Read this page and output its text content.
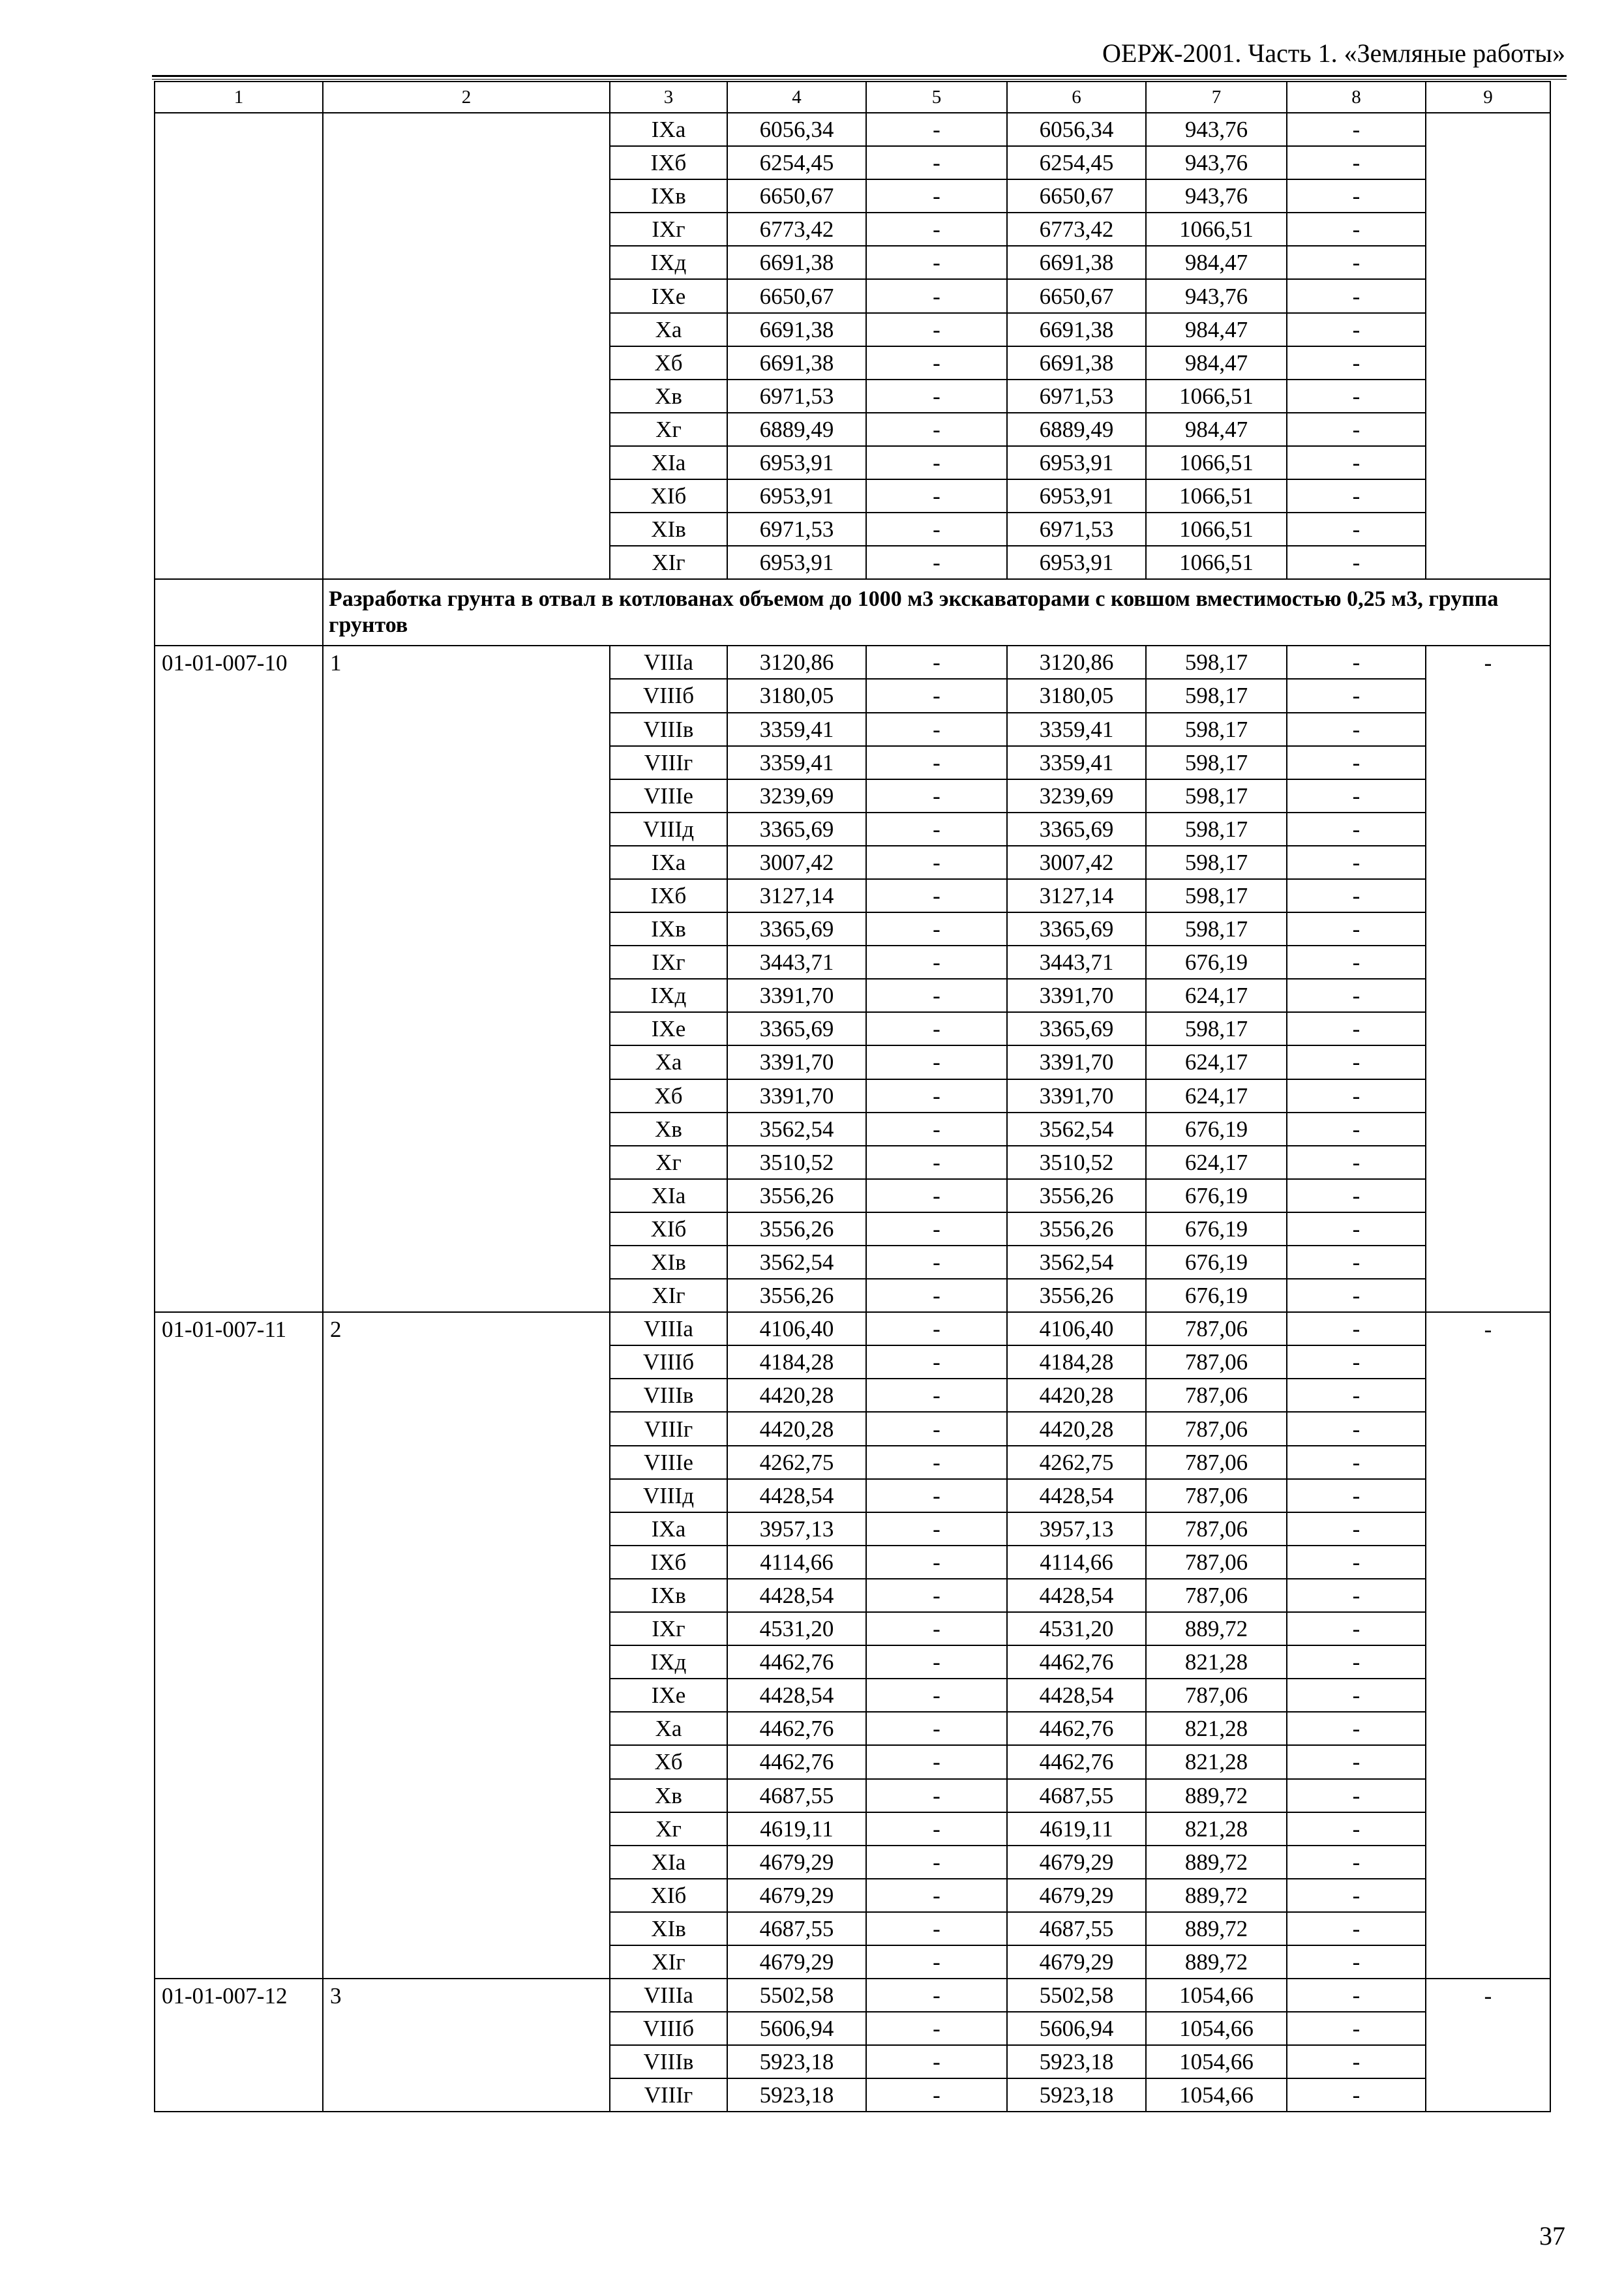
ОЕРЖ-2001. Часть 1. «Земляные работы»
1	2	3	4	5	6	7	8	9
		IXа	6056,34	-	6056,34	943,76	-	
		IXб	6254,45	-	6254,45	943,76	-	
		IXв	6650,67	-	6650,67	943,76	-	
		IXг	6773,42	-	6773,42	1066,51	-	
		IXд	6691,38	-	6691,38	984,47	-	
		IXе	6650,67	-	6650,67	943,76	-	
		Xа	6691,38	-	6691,38	984,47	-	
		Xб	6691,38	-	6691,38	984,47	-	
		Xв	6971,53	-	6971,53	1066,51	-	
		Xг	6889,49	-	6889,49	984,47	-	
		XIа	6953,91	-	6953,91	1066,51	-	
		XIб	6953,91	-	6953,91	1066,51	-	
		XIв	6971,53	-	6971,53	1066,51	-	
		XIг	6953,91	-	6953,91	1066,51	-	
	Разработка грунта в отвал в котлованах объемом до 1000 м3 экскаваторами с ковшом вместимостью 0,25 м3, группа грунтов							
01-01-007-10	1	VIIIа	3120,86	-	3120,86	598,17	-	-
		VIIIб	3180,05	-	3180,05	598,17	-	
		VIIIв	3359,41	-	3359,41	598,17	-	
		VIIIг	3359,41	-	3359,41	598,17	-	
		VIIIе	3239,69	-	3239,69	598,17	-	
		VIIIд	3365,69	-	3365,69	598,17	-	
		IXа	3007,42	-	3007,42	598,17	-	
		IXб	3127,14	-	3127,14	598,17	-	
		IXв	3365,69	-	3365,69	598,17	-	
		IXг	3443,71	-	3443,71	676,19	-	
		IXд	3391,70	-	3391,70	624,17	-	
		IXе	3365,69	-	3365,69	598,17	-	
		Xа	3391,70	-	3391,70	624,17	-	
		Xб	3391,70	-	3391,70	624,17	-	
		Xв	3562,54	-	3562,54	676,19	-	
		Xг	3510,52	-	3510,52	624,17	-	
		XIа	3556,26	-	3556,26	676,19	-	
		XIб	3556,26	-	3556,26	676,19	-	
		XIв	3562,54	-	3562,54	676,19	-	
		XIг	3556,26	-	3556,26	676,19	-	
01-01-007-11	2	VIIIа	4106,40	-	4106,40	787,06	-	-
		VIIIб	4184,28	-	4184,28	787,06	-	
		VIIIв	4420,28	-	4420,28	787,06	-	
		VIIIг	4420,28	-	4420,28	787,06	-	
		VIIIе	4262,75	-	4262,75	787,06	-	
		VIIIд	4428,54	-	4428,54	787,06	-	
		IXа	3957,13	-	3957,13	787,06	-	
		IXб	4114,66	-	4114,66	787,06	-	
		IXв	4428,54	-	4428,54	787,06	-	
		IXг	4531,20	-	4531,20	889,72	-	
		IXд	4462,76	-	4462,76	821,28	-	
		IXе	4428,54	-	4428,54	787,06	-	
		Xа	4462,76	-	4462,76	821,28	-	
		Xб	4462,76	-	4462,76	821,28	-	
		Xв	4687,55	-	4687,55	889,72	-	
		Xг	4619,11	-	4619,11	821,28	-	
		XIа	4679,29	-	4679,29	889,72	-	
		XIб	4679,29	-	4679,29	889,72	-	
		XIв	4687,55	-	4687,55	889,72	-	
		XIг	4679,29	-	4679,29	889,72	-	
01-01-007-12	3	VIIIа	5502,58	-	5502,58	1054,66	-	-
		VIIIб	5606,94	-	5606,94	1054,66	-	
		VIIIв	5923,18	-	5923,18	1054,66	-	
		VIIIг	5923,18	-	5923,18	1054,66	-	
37
